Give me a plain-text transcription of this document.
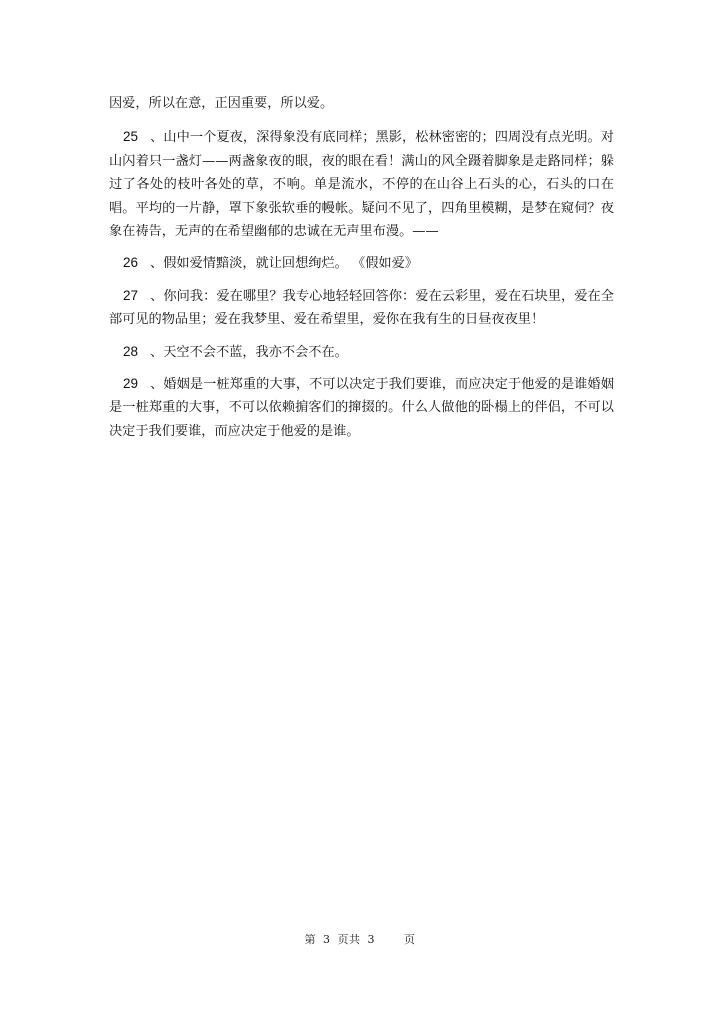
因爱，所以在意，正因重要，所以爱。

25 、山中一个夏夜，深得象没有底同样；黑影，松林密密的；四周没有点光明。对山闪着只一盏灯——两盏象夜的眼，夜的眼在看！满山的风全蹑着脚象是走路同样；躲过了各处的枝叶各处的草，不响。单是流水，不停的在山谷上石头的心，石头的口在唱。平均的一片静，罩下象张软垂的幔帐。疑问不见了，四角里模糊，是梦在窥伺？夜象在祷告，无声的在希望幽郁的忠诚在无声里布漫。——

26 、假如爱情黯淡，就让回想绚烂。 《假如爱》

27 、你问我：爱在哪里？我专心地轻轻回答你：爱在云彩里，爱在石块里，爱在全部可见的物品里；爱在我梦里、爱在希望里，爱你在我有生的日昼夜夜里！

28 、天空不会不蓝，我亦不会不在。

29 、婚姻是一桩郑重的大事，不可以决定于我们要谁，而应决定于他爱的是谁婚姻是一桩郑重的大事，不可以依赖掮客们的撺掇的。什么人做他的卧榻上的伴侣，不可以决定于我们要谁，而应决定于他爱的是谁。

第 3 页共 3	页
